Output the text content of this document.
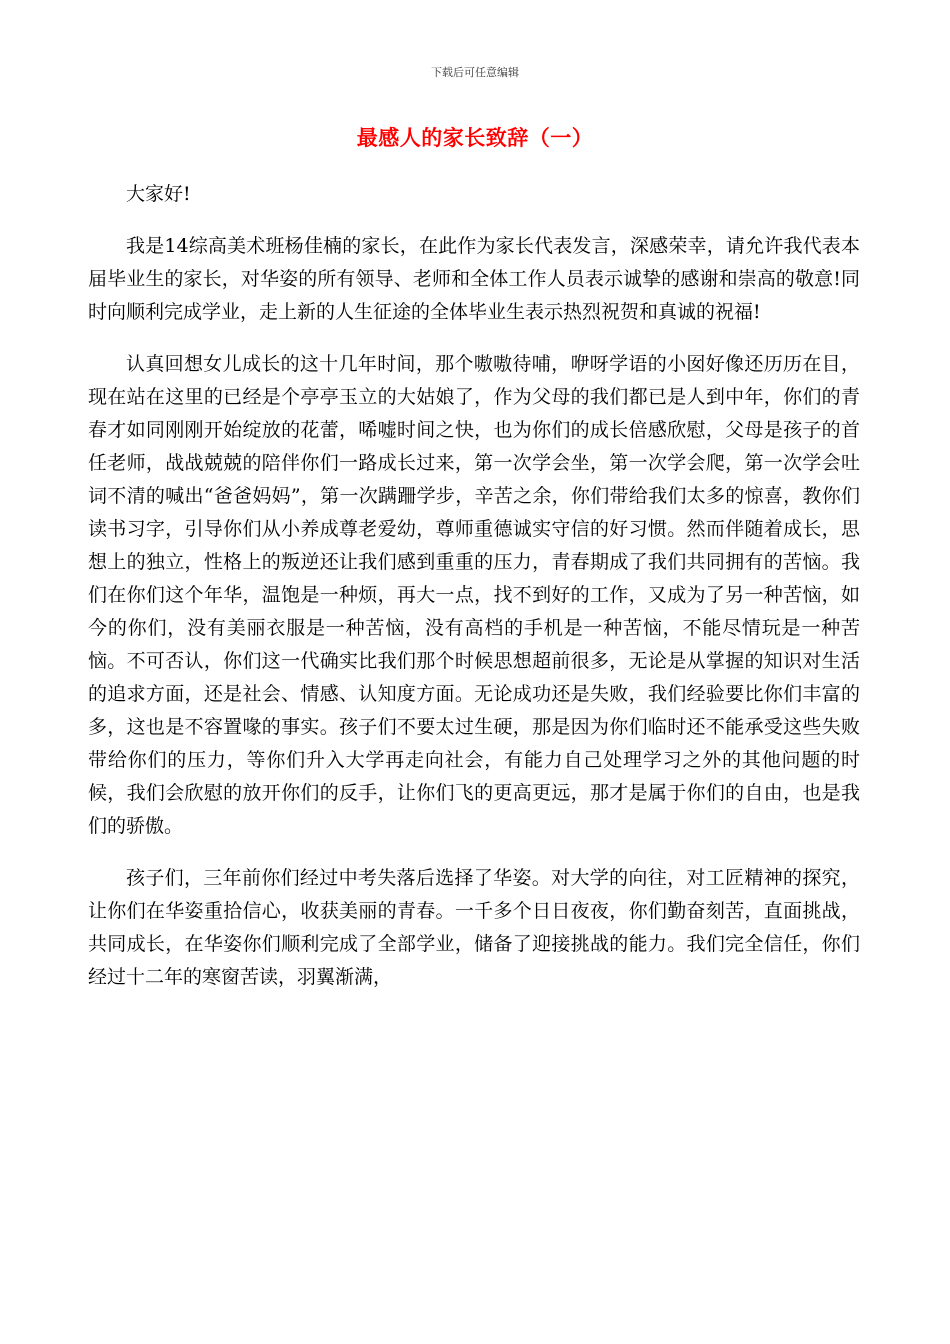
下载后可任意编辑
最感人的家长致辞（一）

大家好!

我是14综高美术班杨佳楠的家长，在此作为家长代表发言，深感荣幸，请允许我代表本届毕业生的家长，对华姿的所有领导、老师和全体工作人员表示诚挚的感谢和崇高的敬意!同时向顺利完成学业，走上新的人生征途的全体毕业生表示热烈祝贺和真诚的祝福!

认真回想女儿成长的这十几年时间，那个嗷嗷待哺，咿呀学语的小囡好像还历历在目，现在站在这里的已经是个亭亭玉立的大姑娘了，作为父母的我们都已是人到中年，你们的青春才如同刚刚开始绽放的花蕾，唏嘘时间之快，也为你们的成长倍感欣慰，父母是孩子的首任老师，战战兢兢的陪伴你们一路成长过来，第一次学会坐，第一次学会爬，第一次学会吐词不清的喊出“爸爸妈妈”，第一次蹒跚学步，辛苦之余，你们带给我们太多的惊喜，教你们读书习字，引导你们从小养成尊老爱幼，尊师重德诚实守信的好习惯。然而伴随着成长，思想上的独立，性格上的叛逆还让我们感到重重的压力，青春期成了我们共同拥有的苦恼。我们在你们这个年华，温饱是一种烦，再大一点，找不到好的工作，又成为了另一种苦恼，如今的你们，没有美丽衣服是一种苦恼，没有高档的手机是一种苦恼，不能尽情玩是一种苦恼。不可否认，你们这一代确实比我们那个时候思想超前很多，无论是从掌握的知识对生活的追求方面，还是社会、情感、认知度方面。无论成功还是失败，我们经验要比你们丰富的多，这也是不容置喙的事实。孩子们不要太过生硬，那是因为你们临时还不能承受这些失败带给你们的压力，等你们升入大学再走向社会，有能力自己处理学习之外的其他问题的时候，我们会欣慰的放开你们的反手，让你们飞的更高更远，那才是属于你们的自由，也是我们的骄傲。

孩子们，三年前你们经过中考失落后选择了华姿。对大学的向往，对工匠精神的探究，让你们在华姿重拾信心，收获美丽的青春。一千多个日日夜夜，你们勤奋刻苦，直面挑战，共同成长，在华姿你们顺利完成了全部学业，储备了迎接挑战的能力。我们完全信任，你们经过十二年的寒窗苦读，羽翼渐满，
